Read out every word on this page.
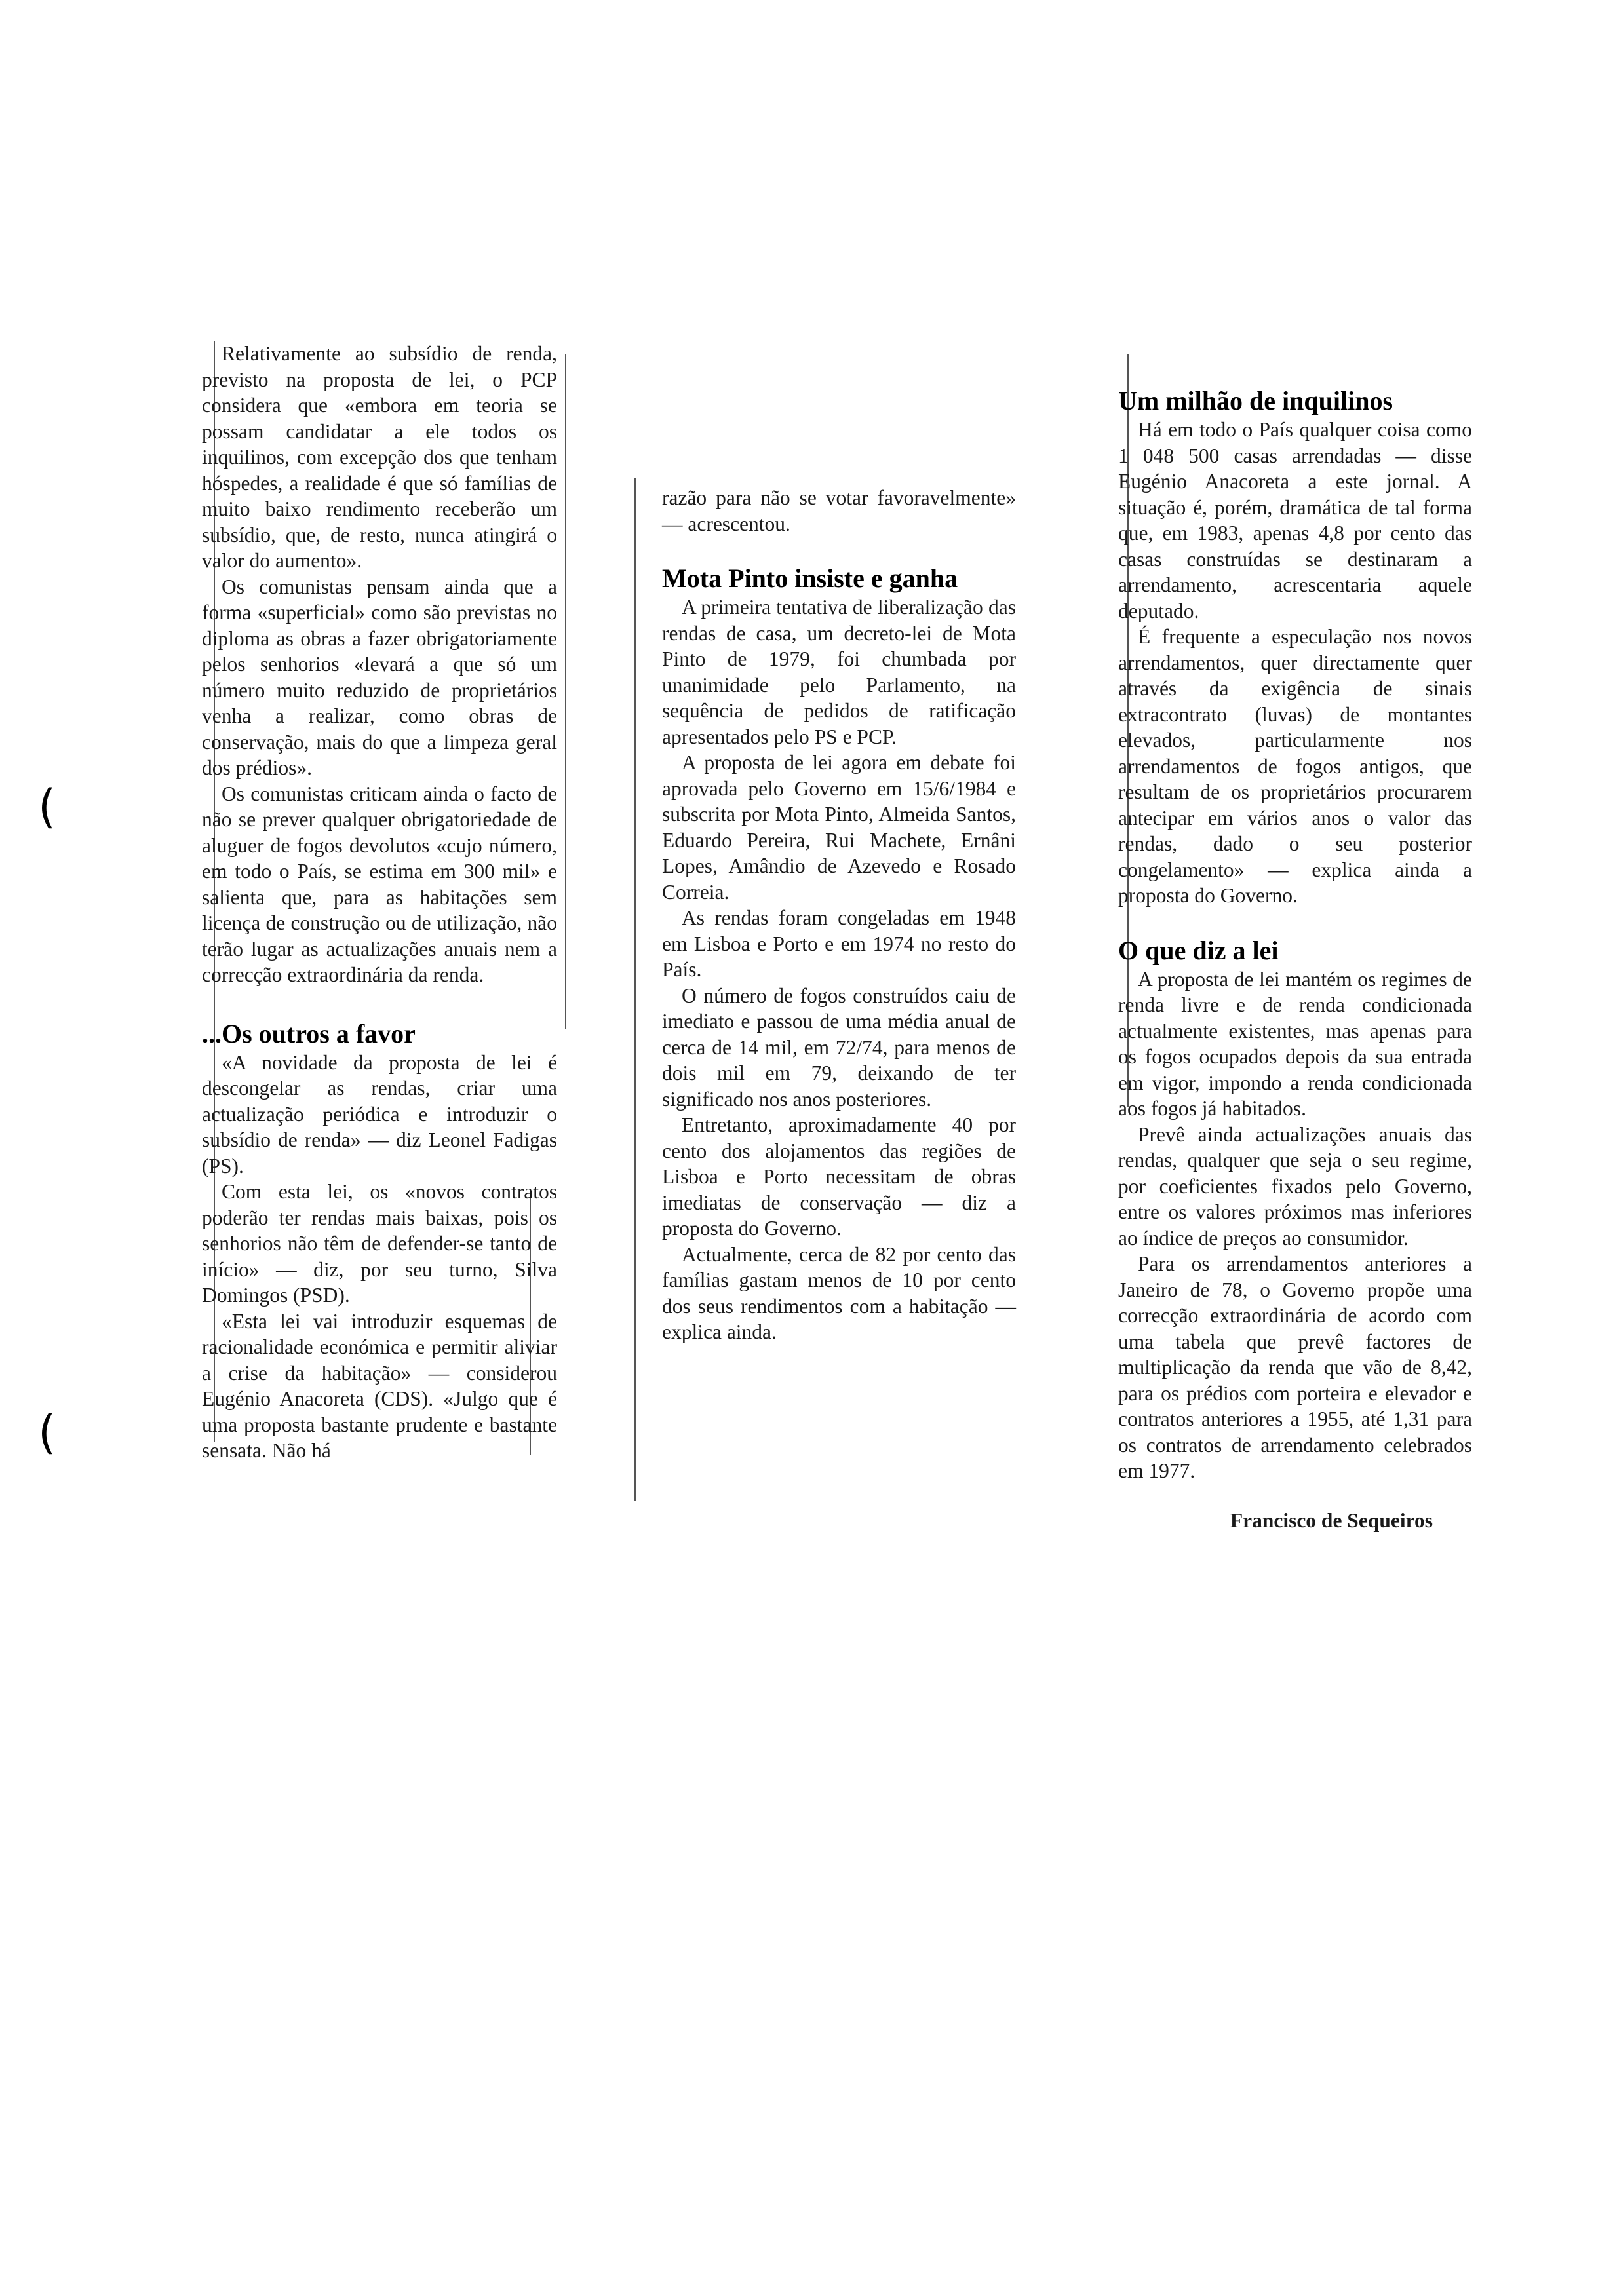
(
(

Relativamente ao subsídio de renda, previsto na proposta de lei, o PCP considera que «embora em teoria se possam candidatar a ele todos os inquilinos, com excepção dos que tenham hóspedes, a realidade é que só famílias de muito baixo rendimento receberão um subsídio, que, de resto, nunca atingirá o valor do aumento».

Os comunistas pensam ainda que a forma «superficial» como são previstas no diploma as obras a fazer obrigatoriamente pelos senhorios «levará a que só um número muito reduzido de proprietários venha a realizar, como obras de conservação, mais do que a limpeza geral dos prédios».

Os comunistas criticam ainda o facto de não se prever qualquer obrigatoriedade de aluguer de fogos devolutos «cujo número, em todo o País, se estima em 300 mil» e salienta que, para as habitações sem licença de construção ou de utilização, não terão lugar as actualizações anuais nem a correcção extraordinária da renda.

...Os outros a favor

«A novidade da proposta de lei é descongelar as rendas, criar uma actualização periódica e introduzir o subsídio de renda» — diz Leonel Fadigas (PS).

Com esta lei, os «novos contratos poderão ter rendas mais baixas, pois os senhorios não têm de defender-se tanto de início» — diz, por seu turno, Silva Domingos (PSD).

«Esta lei vai introduzir esquemas de racionalidade económica e permitir aliviar a crise da habitação» — considerou Eugénio Anacoreta (CDS). «Julgo que é uma proposta bastante prudente e bastante sensata. Não há

razão para não se votar favoravelmente» — acrescentou.

Mota Pinto insiste e ganha

A primeira tentativa de liberalização das rendas de casa, um decreto-lei de Mota Pinto de 1979, foi chumbada por unanimidade pelo Parlamento, na sequência de pedidos de ratificação apresentados pelo PS e PCP.

A proposta de lei agora em debate foi aprovada pelo Governo em 15/6/1984 e subscrita por Mota Pinto, Almeida Santos, Eduardo Pereira, Rui Machete, Ernâni Lopes, Amândio de Azevedo e Rosado Correia.

As rendas foram congeladas em 1948 em Lisboa e Porto e em 1974 no resto do País.

O número de fogos construídos caiu de imediato e passou de uma média anual de cerca de 14 mil, em 72/74, para menos de dois mil em 79, deixando de ter significado nos anos posteriores.

Entretanto, aproximadamente 40 por cento dos alojamentos das regiões de Lisboa e Porto necessitam de obras imediatas de conservação — diz a proposta do Governo.

Actualmente, cerca de 82 por cento das famílias gastam menos de 10 por cento dos seus rendimentos com a habitação — explica ainda.

Um milhão de inquilinos

Há em todo o País qualquer coisa como 1 048 500 casas arrendadas — disse Eugénio Anacoreta a este jornal. A situação é, porém, dramática de tal forma que, em 1983, apenas 4,8 por cento das casas construídas se destinaram a arrendamento, acrescentaria aquele deputado.

É frequente a especulação nos novos arrendamentos, quer directamente quer através da exigência de sinais extracontrato (luvas) de montantes elevados, particularmente nos arrendamentos de fogos antigos, que resultam de os proprietários procurarem antecipar em vários anos o valor das rendas, dado o seu posterior congelamento» — explica ainda a proposta do Governo.

O que diz a lei

A proposta de lei mantém os regimes de renda livre e de renda condicionada actualmente existentes, mas apenas para os fogos ocupados depois da sua entrada em vigor, impondo a renda condicionada aos fogos já habitados.

Prevê ainda actualizações anuais das rendas, qualquer que seja o seu regime, por coeficientes fixados pelo Governo, entre os valores próximos mas inferiores ao índice de preços ao consumidor.

Para os arrendamentos anteriores a Janeiro de 78, o Governo propõe uma correcção extraordinária de acordo com uma tabela que prevê factores de multiplicação da renda que vão de 8,42, para os prédios com porteira e elevador e contratos anteriores a 1955, até 1,31 para os contratos de arrendamento celebrados em 1977.

Francisco de Sequeiros
